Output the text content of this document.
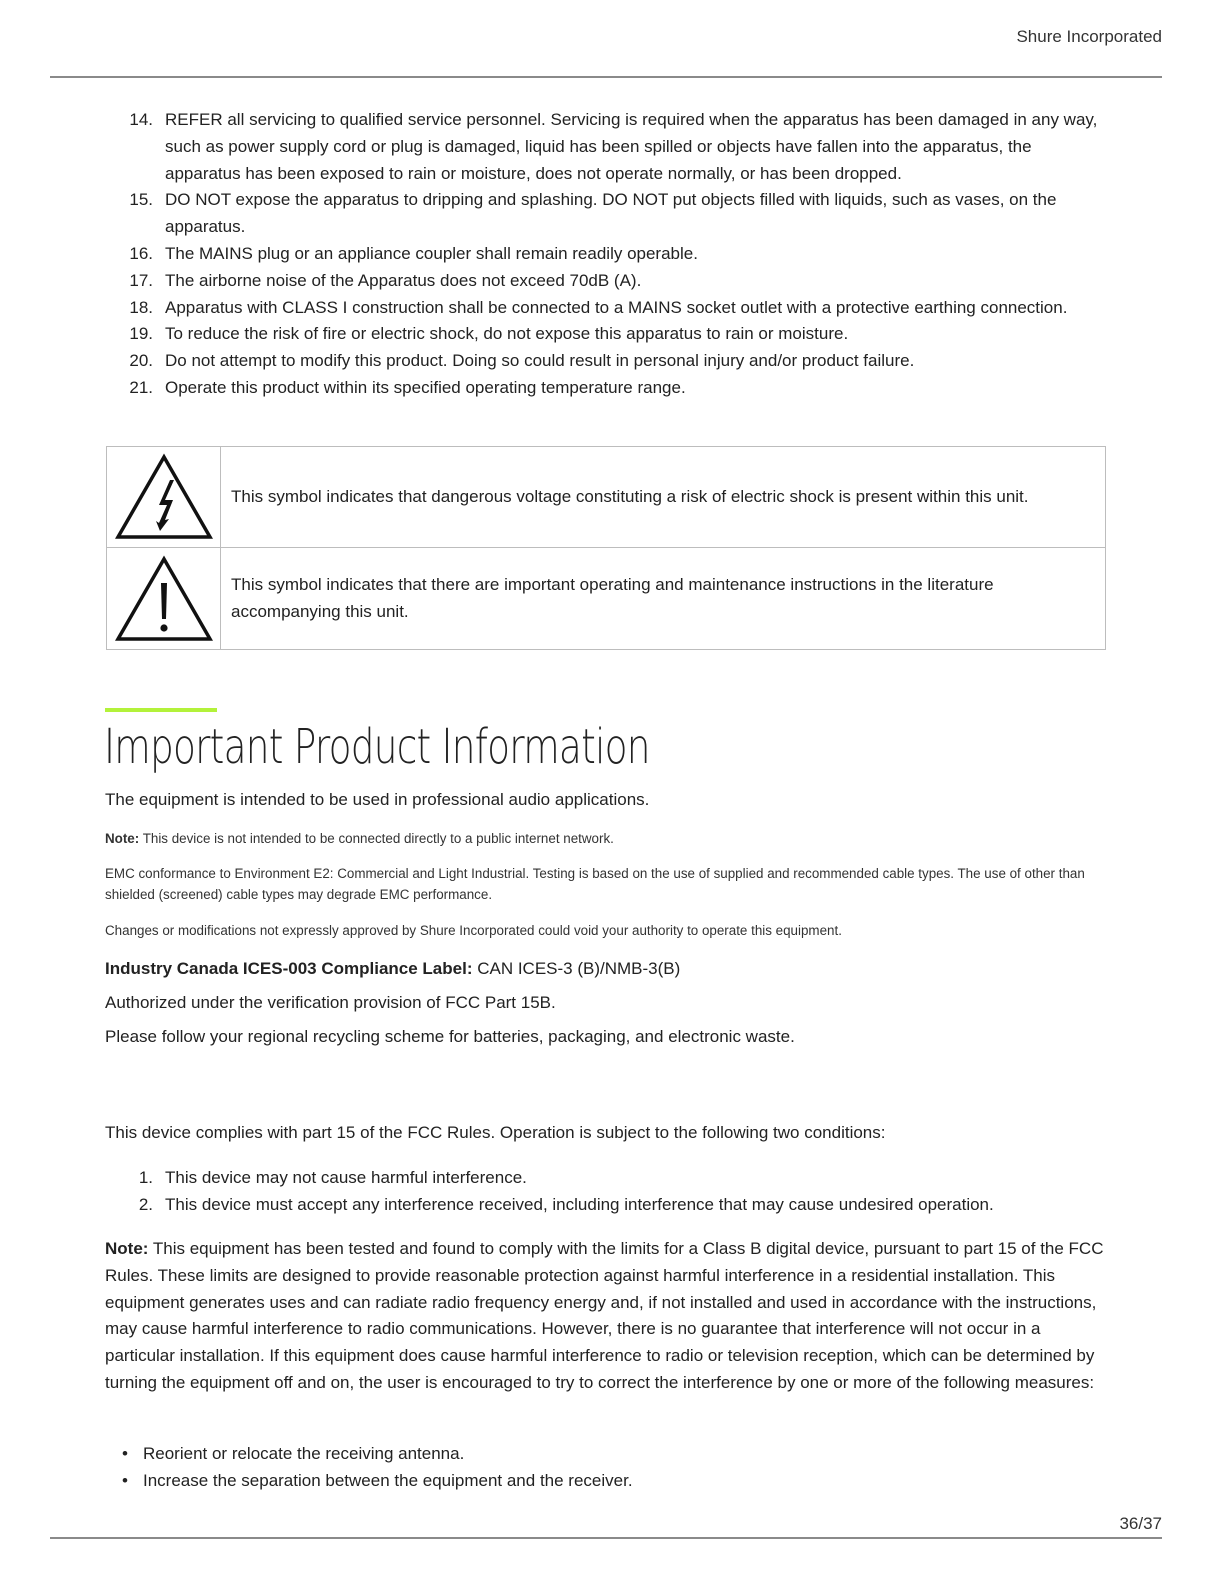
Shure Incorporated
14. REFER all servicing to qualified service personnel. Servicing is required when the apparatus has been damaged in any way, such as power supply cord or plug is damaged, liquid has been spilled or objects have fallen into the apparatus, the apparatus has been exposed to rain or moisture, does not operate normally, or has been dropped.
15. DO NOT expose the apparatus to dripping and splashing. DO NOT put objects filled with liquids, such as vases, on the apparatus.
16. The MAINS plug or an appliance coupler shall remain readily operable.
17. The airborne noise of the Apparatus does not exceed 70dB (A).
18. Apparatus with CLASS I construction shall be connected to a MAINS socket outlet with a protective earthing connection.
19. To reduce the risk of fire or electric shock, do not expose this apparatus to rain or moisture.
20. Do not attempt to modify this product. Doing so could result in personal injury and/or product failure.
21. Operate this product within its specified operating temperature range.
	This symbol indicates that dangerous voltage constituting a risk of electric shock is present within this unit.

	This symbol indicates that there are important operating and maintenance instructions in the literature accompanying this unit.
Important Product Information

The equipment is intended to be used in professional audio applications.

Note: This device is not intended to be connected directly to a public internet network.

EMC conformance to Environment E2: Commercial and Light Industrial. Testing is based on the use of supplied and recommended cable types. The use of other than shielded (screened) cable types may degrade EMC performance.

Changes or modifications not expressly approved by Shure Incorporated could void your authority to operate this equipment.

Industry Canada ICES-003 Compliance Label: CAN ICES-3 (B)/NMB-3(B)

Authorized under the verification provision of FCC Part 15B.

Please follow your regional recycling scheme for batteries, packaging, and electronic waste.

This device complies with part 15 of the FCC Rules. Operation is subject to the following two conditions:

1. This device may not cause harmful interference.
2. This device must accept any interference received, including interference that may cause undesired operation.

Note: This equipment has been tested and found to comply with the limits for a Class B digital device, pursuant to part 15 of the FCC Rules. These limits are designed to provide reasonable protection against harmful interference in a residential installation. This equipment generates uses and can radiate radio frequency energy and, if not installed and used in accordance with the instructions, may cause harmful interference to radio communications. However, there is no guarantee that interference will not occur in a particular installation. If this equipment does cause harmful interference to radio or television reception, which can be determined by turning the equipment off and on, the user is encouraged to try to correct the interference by one or more of the following measures:

• Reorient or relocate the receiving antenna.
• Increase the separation between the equipment and the receiver.
36/37
